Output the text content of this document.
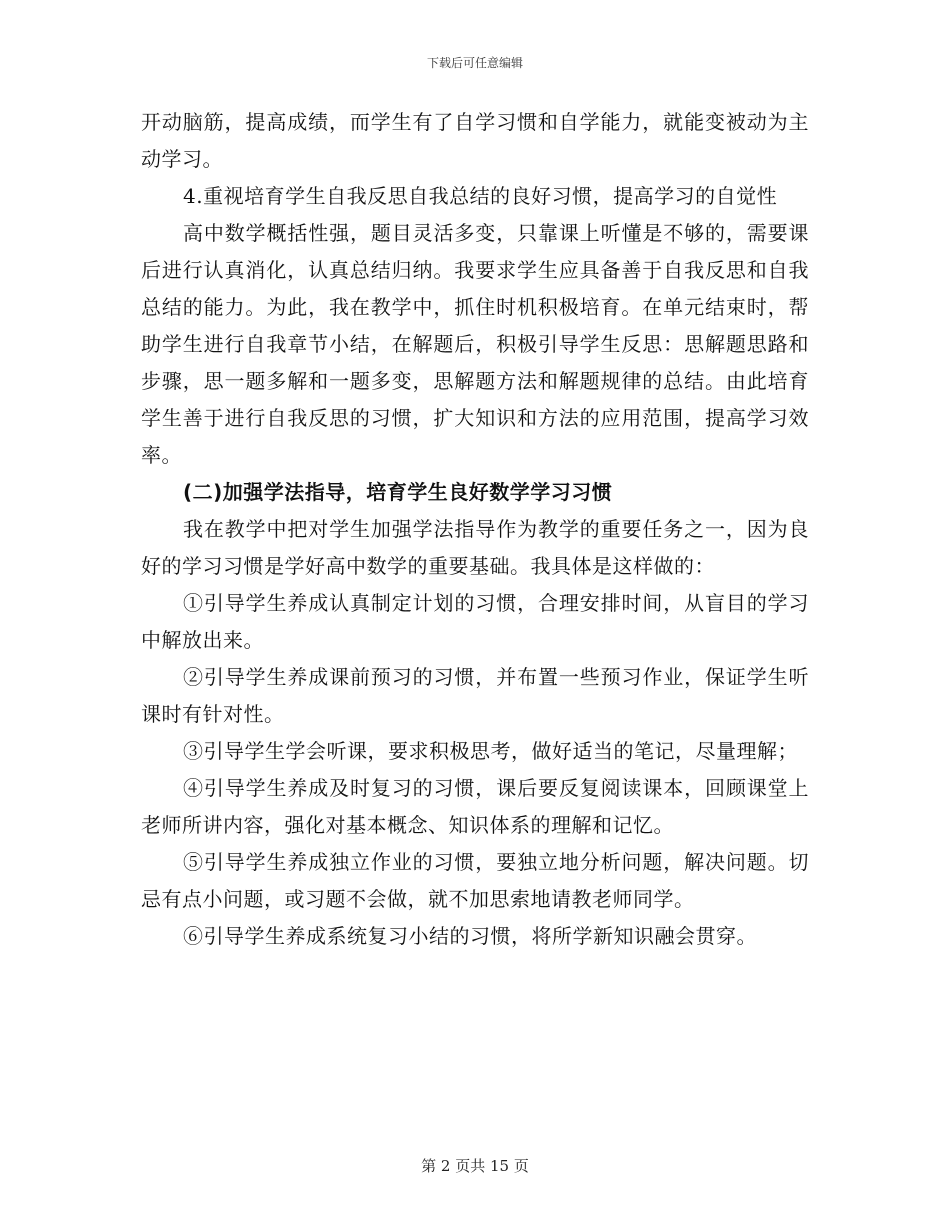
下载后可任意编辑

开动脑筋，提高成绩，而学生有了自学习惯和自学能力，就能变被动为主动学习。

4.重视培育学生自我反思自我总结的良好习惯，提高学习的自觉性

高中数学概括性强，题目灵活多变，只靠课上听懂是不够的，需要课后进行认真消化，认真总结归纳。我要求学生应具备善于自我反思和自我总结的能力。为此，我在教学中，抓住时机积极培育。在单元结束时，帮助学生进行自我章节小结，在解题后，积极引导学生反思：思解题思路和步骤，思一题多解和一题多变，思解题方法和解题规律的总结。由此培育学生善于进行自我反思的习惯，扩大知识和方法的应用范围，提高学习效率。

(二)加强学法指导，培育学生良好数学学习习惯

我在教学中把对学生加强学法指导作为教学的重要任务之一，因为良好的学习习惯是学好高中数学的重要基础。我具体是这样做的：

①引导学生养成认真制定计划的习惯，合理安排时间，从盲目的学习中解放出来。

②引导学生养成课前预习的习惯，并布置一些预习作业，保证学生听课时有针对性。

③引导学生学会听课，要求积极思考，做好适当的笔记，尽量理解；

④引导学生养成及时复习的习惯，课后要反复阅读课本，回顾课堂上老师所讲内容，强化对基本概念、知识体系的理解和记忆。

⑤引导学生养成独立作业的习惯，要独立地分析问题，解决问题。切忌有点小问题，或习题不会做，就不加思索地请教老师同学。

⑥引导学生养成系统复习小结的习惯，将所学新知识融会贯穿。

第 2 页共 15 页
